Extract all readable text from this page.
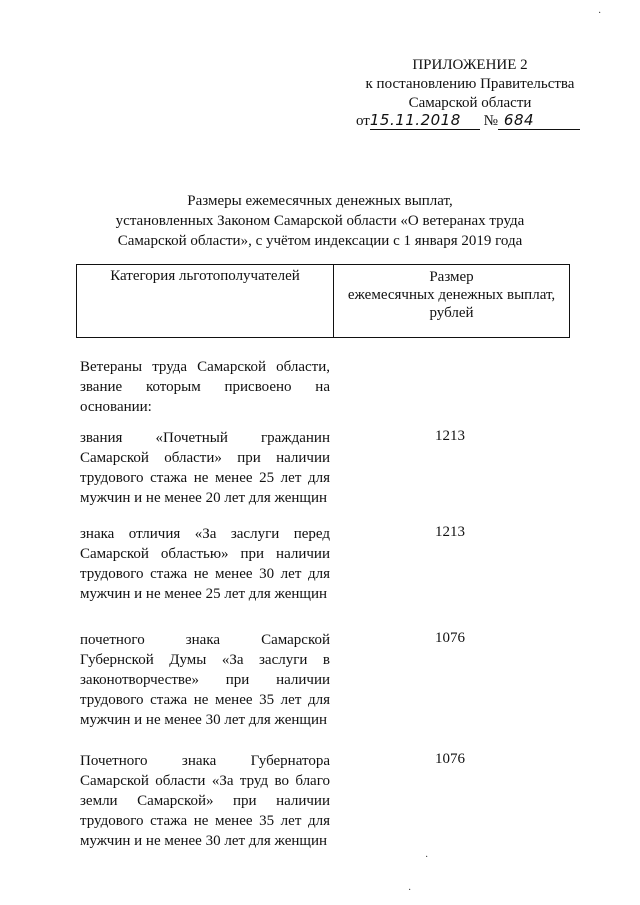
ПРИЛОЖЕНИЕ 2
к постановлению Правительства
Самарской области
от15.11.2018 № 684
Размеры ежемесячных денежных выплат,
установленных Законом Самарской области «О ветеранах труда
Самарской области», с учётом индексации с 1 января 2019 года
Категория льготополучателей	Размер
ежемесячных денежных выплат,
рублей
Ветераны труда Самарской области, звание которым присвоено на основании:
звания «Почетный гражданин Самарской области» при наличии трудового стажа не менее 25 лет для мужчин и не менее 20 лет для женщин
1213
знака отличия «За заслуги перед Самарской областью» при наличии трудового стажа не менее 30 лет для мужчин и не менее 25 лет для женщин
1213
почетного знака Самарской Губернской Думы «За заслуги в законотворчестве» при наличии трудового стажа не менее 35 лет для мужчин и не менее 30 лет для женщин
1076
Почетного знака Губернатора Самарской области «За труд во благо земли Самарской» при наличии трудового стажа не менее 35 лет для мужчин и не менее 30 лет для женщин
1076
·
·
·
